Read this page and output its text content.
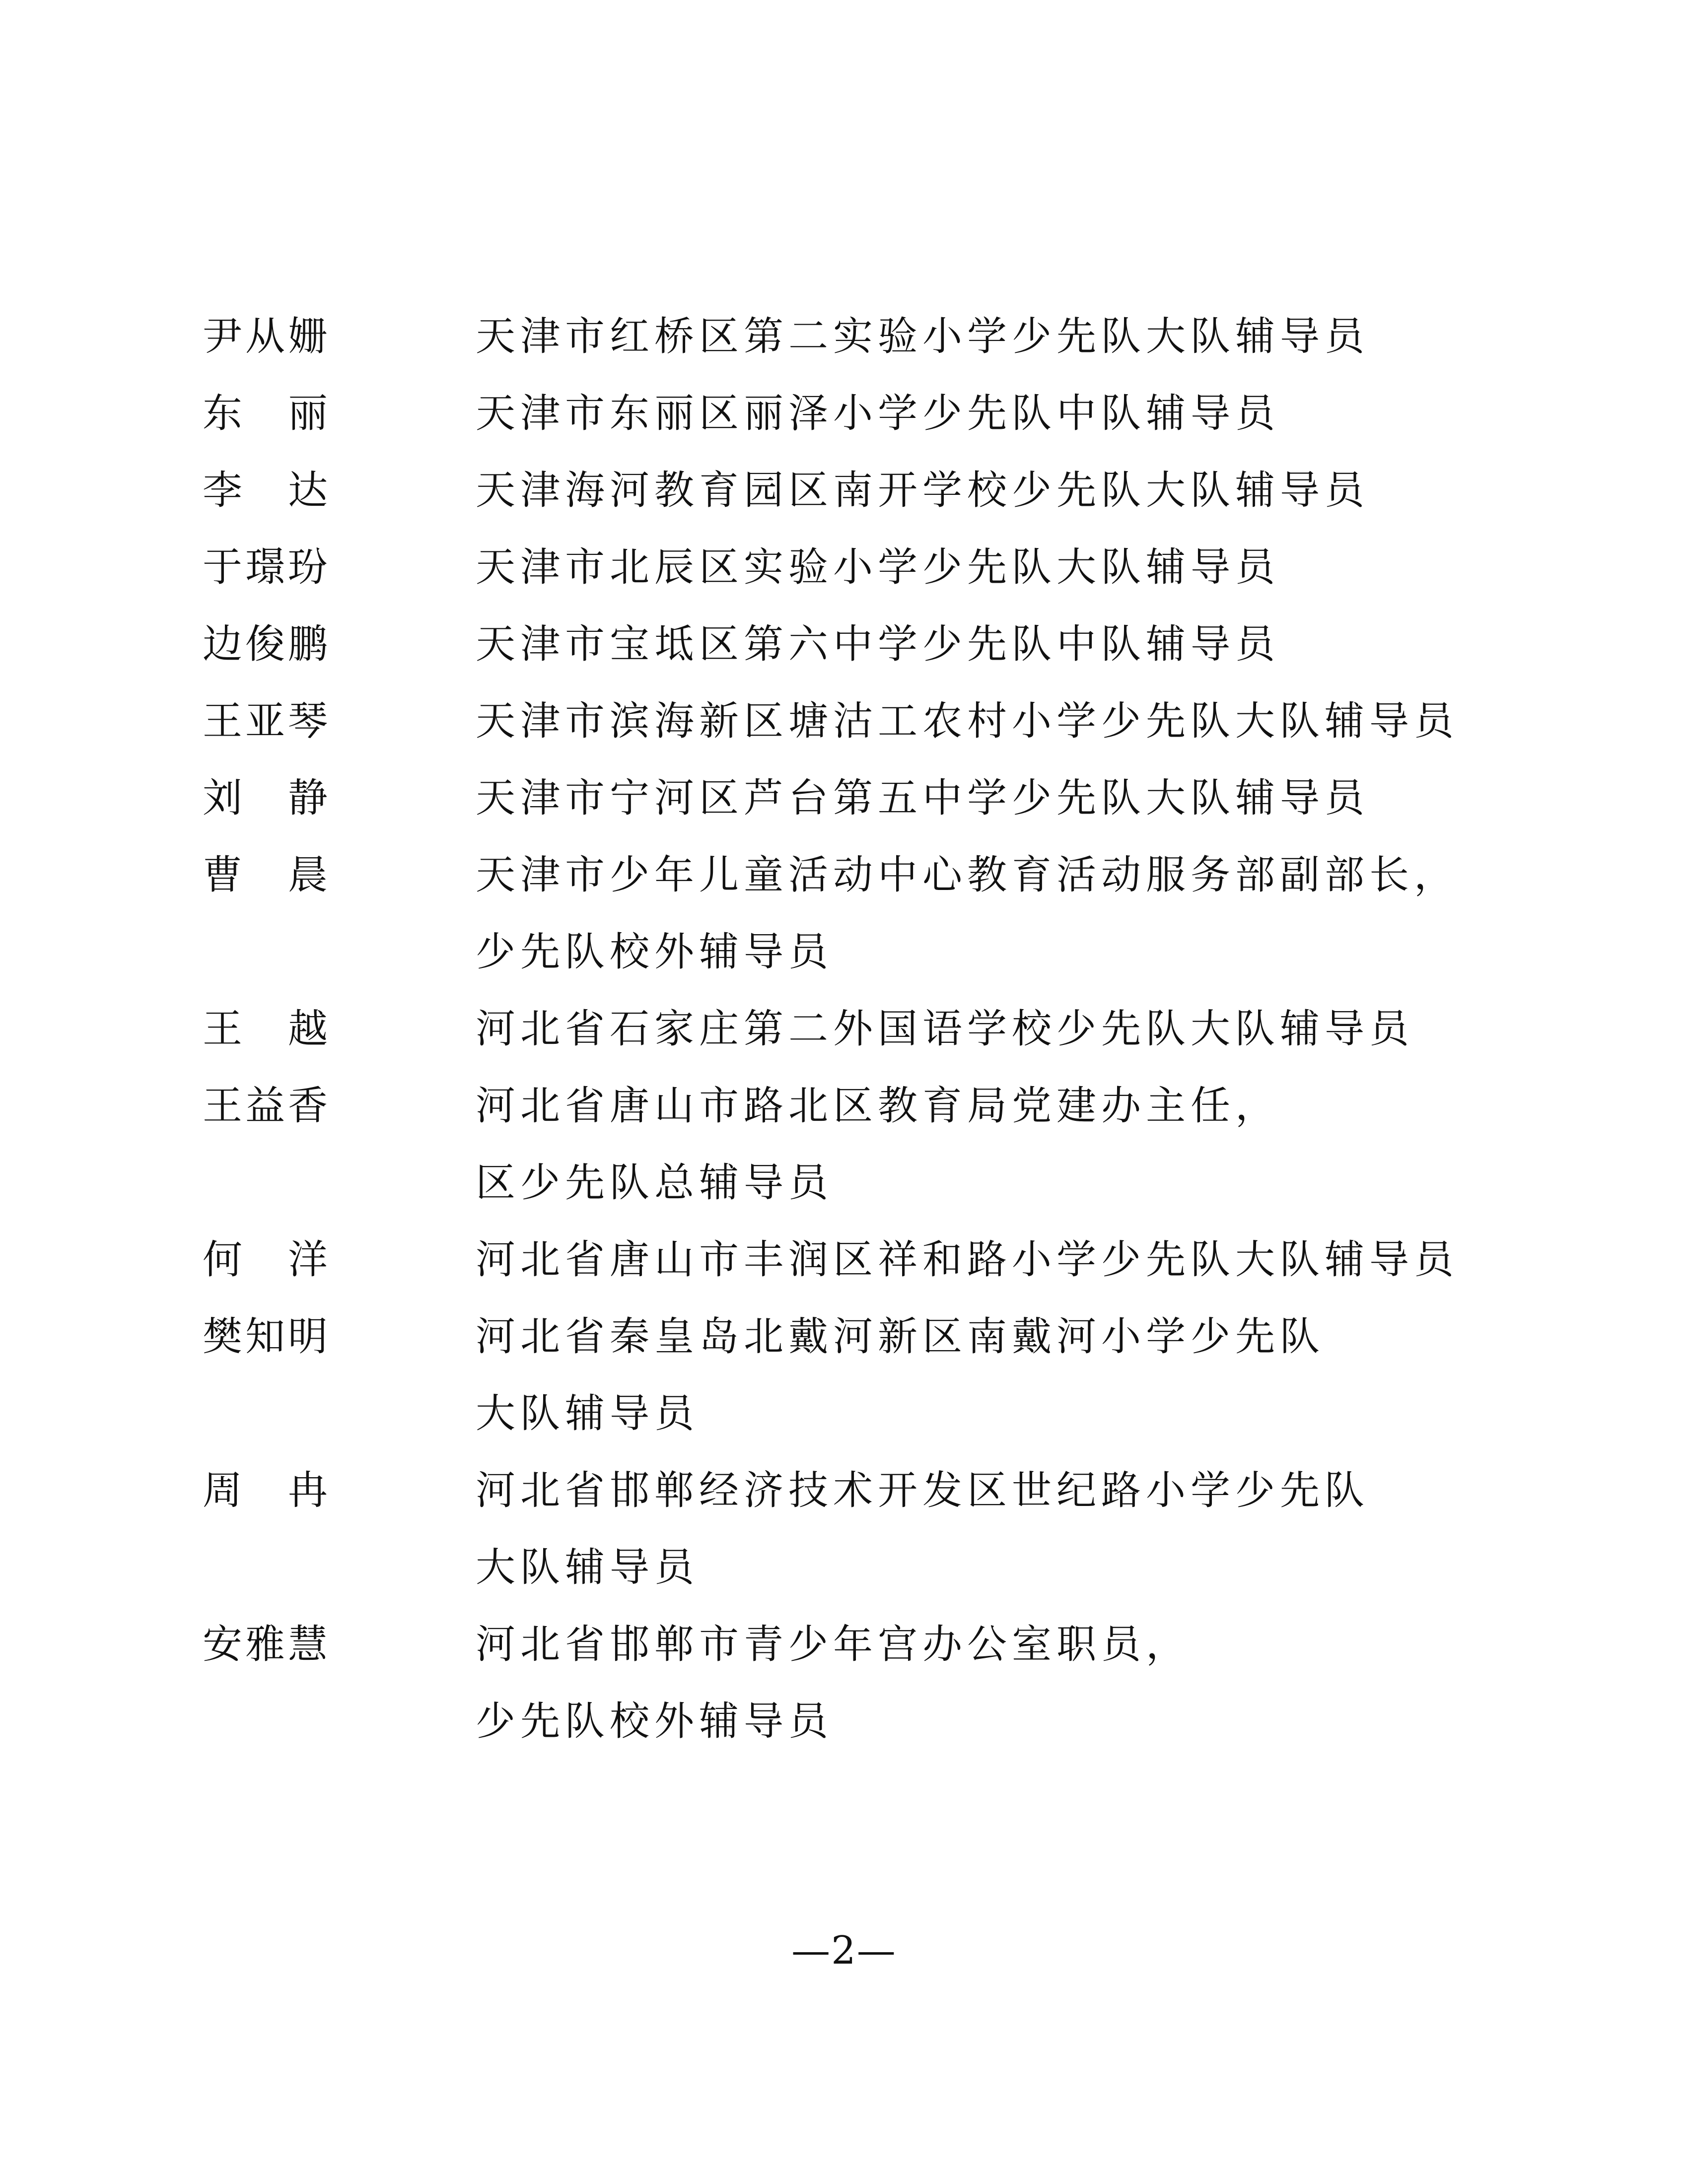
尹从姗	天津市红桥区第二实验小学少先队大队辅导员
东　丽	天津市东丽区丽泽小学少先队中队辅导员
李　达	天津海河教育园区南开学校少先队大队辅导员
于璟玢	天津市北辰区实验小学少先队大队辅导员
边俊鹏	天津市宝坻区第六中学少先队中队辅导员
王亚琴	天津市滨海新区塘沽工农村小学少先队大队辅导员
刘　静	天津市宁河区芦台第五中学少先队大队辅导员
曹　晨	天津市少年儿童活动中心教育活动服务部副部长，
少先队校外辅导员
王　越	河北省石家庄第二外国语学校少先队大队辅导员
王益香	河北省唐山市路北区教育局党建办主任，
区少先队总辅导员
何　洋	河北省唐山市丰润区祥和路小学少先队大队辅导员
樊知明	河北省秦皇岛北戴河新区南戴河小学少先队
大队辅导员
周　冉	河北省邯郸经济技术开发区世纪路小学少先队
大队辅导员
安雅慧	河北省邯郸市青少年宫办公室职员，
少先队校外辅导员
—2—
